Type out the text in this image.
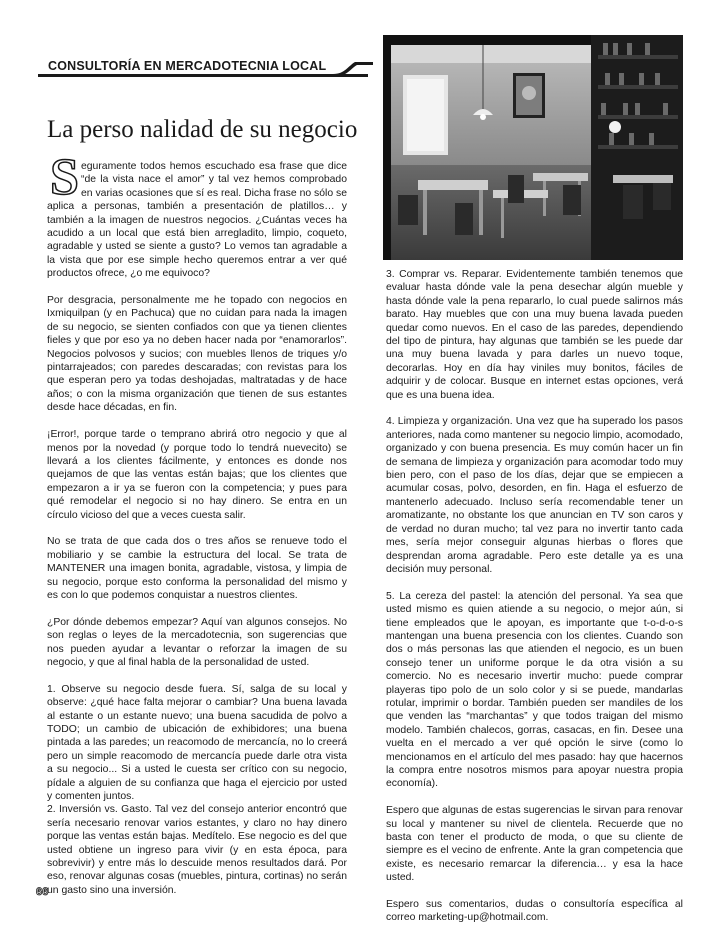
CONSULTORÍA EN MERCADOTECNIA LOCAL
La perso nalidad de su negocio

S eguramente todos hemos escuchado esa frase que dice “de la vista nace el amor” y tal vez hemos comprobado en varias ocasiones que sí es real. Dicha frase no sólo se aplica a personas, también a presentación de platillos… y también a la imagen de nuestros negocios. ¿Cuántas veces ha acudido a un local que está bien arregladito, limpio, coqueto, agradable y usted se siente a gusto? Lo vemos tan agradable a la vista que por ese simple hecho queremos entrar a ver qué productos ofrece, ¿o me equivoco?

Por desgracia, personalmente me he topado con negocios en Ixmiquilpan (y en Pachuca) que no cuidan para nada la imagen de su negocio, se sienten confiados con que ya tienen clientes fieles y que por eso ya no deben hacer nada por “enamorarlos”. Negocios polvosos y sucios; con muebles llenos de triques y/o pintarrajeados; con paredes descaradas; con revistas para los que esperan pero ya todas deshojadas, maltratadas y de hace años; o con la misma organización que tienen de sus estantes desde hace décadas, en fin.

¡Error!, porque tarde o temprano abrirá otro negocio y que al menos por la novedad (y porque todo lo tendrá nuevecito) se llevará a los clientes fácilmente, y entonces es donde nos quejamos de que las ventas están bajas; que los clientes que empezaron a ir ya se fueron con la competencia; y pues para qué remodelar el negocio si no hay dinero. Se entra en un círculo vicioso del que a veces cuesta salir.

No se trata de que cada dos o tres años se renueve todo el mobiliario y se cambie la estructura del local. Se trata de MANTENER una imagen bonita, agradable, vistosa, y limpia de su negocio, porque esto conforma la personalidad del mismo y es con lo que podemos conquistar a nuestros clientes.

¿Por dónde debemos empezar? Aquí van algunos consejos. No son reglas o leyes de la mercadotecnia, son sugerencias que nos pueden ayudar a levantar o reforzar la imagen de su negocio, y que al final habla de la personalidad de usted.

1. Observe su negocio desde fuera. Sí, salga de su local y observe: ¿qué hace falta mejorar o cambiar? Una buena lavada al estante o un estante nuevo; una buena sacudida de polvo a TODO; un cambio de ubicación de exhibidores; una buena pintada a las paredes; un reacomodo de mercancía, no lo creerá pero un simple reacomodo de mercancía puede darle otra vista a su negocio... Si a usted le cuesta ser crítico con su negocio, pídale a alguien de su confianza que haga el ejercicio por usted y comenten juntos.

2. Inversión vs. Gasto. Tal vez del consejo anterior encontró que sería necesario renovar varios estantes, y claro no hay dinero porque las ventas están bajas. Medítelo. Ese negocio es del que usted obtiene un ingreso para vivir (y en esta época, para sobrevivir) y entre más lo descuide menos resultados dará. Por eso, renovar algunas cosas (muebles, pintura, cortinas) no serán un gasto sino una inversión.

3. Comprar vs. Reparar. Evidentemente también tenemos que evaluar hasta dónde vale la pena desechar algún mueble y hasta dónde vale la pena repararlo, lo cual puede salirnos más barato. Hay muebles que con una muy buena lavada pueden quedar como nuevos. En el caso de las paredes, dependiendo del tipo de pintura, hay algunas que también se les puede dar una muy buena lavada y para darles un nuevo toque, decorarlas. Hoy en día hay viniles muy bonitos, fáciles de adquirir y de colocar. Busque en internet estas opciones, verá que es una buena idea.

4. Limpieza y organización. Una vez que ha superado los pasos anteriores, nada como mantener su negocio limpio, acomodado, organizado y con buena presencia. Es muy común hacer un fin de semana de limpieza y organización para acomodar todo muy bien pero, con el paso de los días, dejar que se empiecen a acumular cosas, polvo, desorden, en fin. Haga el esfuerzo de mantenerlo adecuado. Incluso sería recomendable tener un aromatizante, no obstante los que anuncian en TV son caros y de verdad no duran mucho; tal vez para no invertir tanto cada mes, sería mejor conseguir algunas hierbas o flores que desprendan aroma agradable. Pero este detalle ya es una decisión muy personal.

5. La cereza del pastel: la atención del personal. Ya sea que usted mismo es quien atiende a su negocio, o mejor aún, si tiene empleados que le apoyan, es importante que t-o-d-o-s mantengan una buena presencia con los clientes. Cuando son dos o más personas las que atienden el negocio, es un buen consejo tener un uniforme porque le da otra visión a su comercio. No es necesario invertir mucho: puede comprar playeras tipo polo de un solo color y si se puede, mandarlas rotular, imprimir o bordar. También pueden ser mandiles de los que venden las “marchantas” y que todos traigan del mismo modelo. También chalecos, gorras, casacas, en fin. Desee una vuelta en el mercado a ver qué opción le sirve (como lo mencionamos en el artículo del mes pasado: hay que hacernos la compra entre nosotros mismos para apoyar nuestra propia economía).

Espero que algunas de estas sugerencias le sirvan para renovar su local y mantener su nivel de clientela. Recuerde que no basta con tener el producto de moda, o que su cliente de siempre es el vecino de enfrente. Ante la gran competencia que existe, es necesario remarcar la diferencia… y esa la hace usted.

Espero sus comentarios, dudas o consultoría específica al correo marketing-up@hotmail.com.

66
